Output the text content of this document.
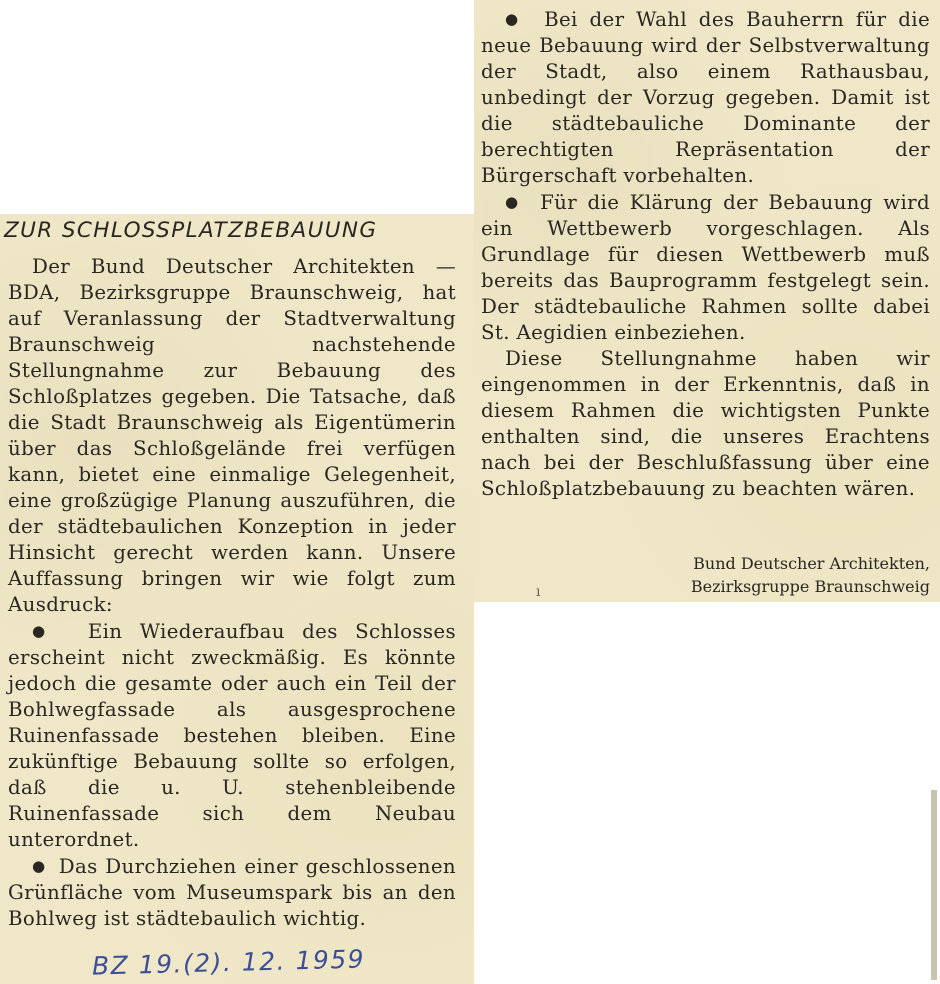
ZUR SCHLOSSPLATZBEBAUUNG

Der Bund Deutscher Architekten — BDA, Bezirksgruppe Braunschweig, hat auf Veranlassung der Stadtverwaltung Braunschweig nachstehende Stellungnahme zur Bebauung des Schloßplatzes gegeben. Die Tatsache, daß die Stadt Braunschweig als Eigentümerin über das Schloßgelände frei verfügen kann, bietet eine einmalige Gelegenheit, eine großzügige Planung auszuführen, die der städtebaulichen Konzeption in jeder Hinsicht gerecht werden kann. Unsere Auffassung bringen wir wie folgt zum Ausdruck:

●  Ein Wiederaufbau des Schlosses erscheint nicht zweckmäßig. Es könnte jedoch die gesamte oder auch ein Teil der Bohlwegfassade als ausgesprochene Ruinenfassade bestehen bleiben. Eine zukünftige Bebauung sollte so erfolgen, daß die u. U. stehenbleibende Ruinenfassade sich dem Neubau unterordnet.

●  Das Durchziehen einer geschlossenen Grünfläche vom Museumspark bis an den Bohlweg ist städtebaulich wichtig.

●  Bei der Wahl des Bauherrn für die neue Bebauung wird der Selbstverwaltung der Stadt, also einem Rathausbau, unbedingt der Vorzug gegeben. Damit ist die städtebauliche Dominante der berechtigten Repräsentation der Bürgerschaft vorbehalten.

●  Für die Klärung der Bebauung wird ein Wettbewerb vorgeschlagen. Als Grundlage für diesen Wettbewerb muß bereits das Bauprogramm festgelegt sein. Der städtebauliche Rahmen sollte dabei St. Aegidien einbeziehen.

Diese Stellungnahme haben wir eingenommen in der Erkenntnis, daß in diesem Rahmen die wichtigsten Punkte enthalten sind, die unseres Erachtens nach bei der Beschlußfassung über eine Schloßplatzbebauung zu beachten wären.

Bund Deutscher Architekten,
Bezirksgruppe Braunschweig
ı
BZ 19.(2). 12. 1959
